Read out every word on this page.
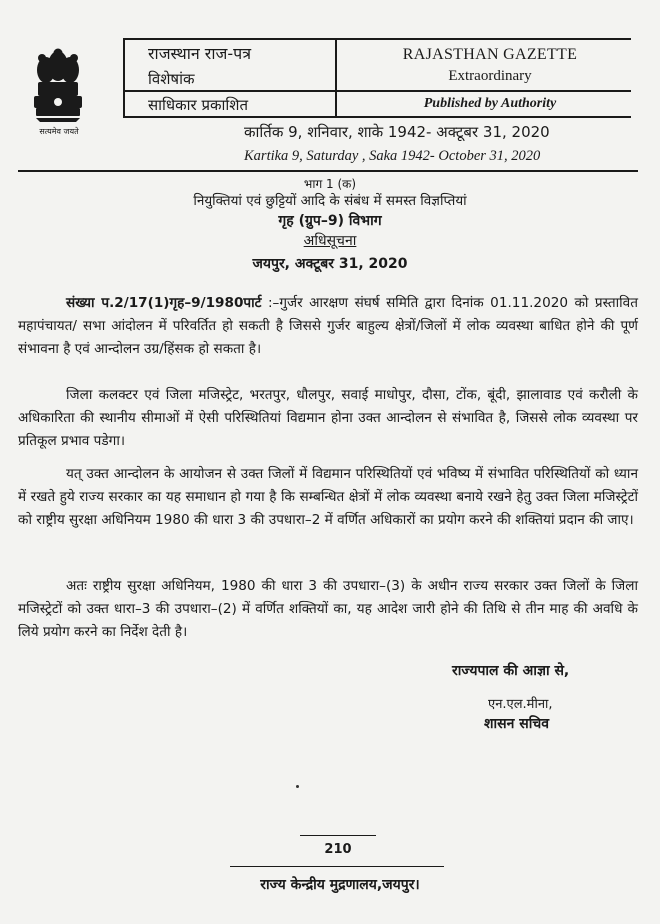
सत्यमेव जयते
राजस्थान राज-पत्र
विशेषांक
साधिकार प्रकाशित
RAJASTHAN GAZETTE
Extraordinary
Published by Authority
कार्तिक 9, शनिवार, शाके 1942- अक्टूबर 31, 2020
Kartika 9, Saturday , Saka 1942- October 31, 2020
भाग 1 (क)
नियुक्तियां एवं छुट्टियों आदि के संबंध में समस्त विज्ञप्तियां
गृह (ग्रुप–9) विभाग
अधिसूचना
जयपुर, अक्टूबर 31, 2020

संख्या प.2/17(1)गृह–9/1980पार्ट :–गुर्जर आरक्षण संघर्ष समिति द्वारा दिनांक 01.11.2020 को प्रस्तावित महापंचायत/ सभा आंदोलन में परिवर्तित हो सकती है जिससे गुर्जर बाहुल्य क्षेत्रों/जिलों में लोक व्यवस्था बाधित होने की पूर्ण संभावना है एवं आन्दोलन उग्र/हिंसक हो सकता है।

जिला कलक्टर एवं जिला मजिस्ट्रेट, भरतपुर, धौलपुर, सवाई माधोपुर, दौसा, टोंक, बूंदी, झालावाड एवं करौली के अधिकारिता की स्थानीय सीमाओं में ऐसी परिस्थितियां विद्यमान होना उक्त आन्दोलन से संभावित है, जिससे लोक व्यवस्था पर प्रतिकूल प्रभाव पडेगा।

यत् उक्त आन्दोलन के आयोजन से उक्त जिलों में विद्यमान परिस्थितियों एवं भविष्य में संभावित परिस्थितियों को ध्यान में रखते हुये राज्य सरकार का यह समाधान हो गया है कि सम्बन्धित क्षेत्रों में लोक व्यवस्था बनाये रखने हेतु उक्त जिला मजिस्ट्रेटों को राष्ट्रीय सुरक्षा अधिनियम 1980 की धारा 3 की उपधारा–2 में वर्णित अधिकारों का प्रयोग करने की शक्तियां प्रदान की जाए।

अतः राष्ट्रीय सुरक्षा अधिनियम, 1980 की धारा 3 की उपधारा–(3) के अधीन राज्य सरकार उक्त जिलों के जिला मजिस्ट्रेटों को उक्त धारा–3 की उपधारा–(2) में वर्णित शक्तियों का, यह आदेश जारी होने की तिथि से तीन माह की अवधि के लिये प्रयोग करने का निर्देश देती है।

राज्यपाल की आज्ञा से,
एन.एल.मीना,
शासन सचिव
210
राज्य केन्द्रीय मुद्रणालय,जयपुर।
